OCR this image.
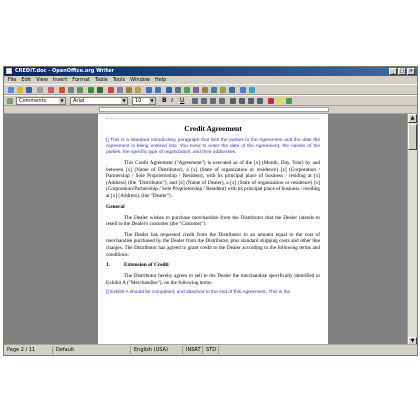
CREDIT.doc - OpenOffice.org Writer	_	□ ×
File Edit View Insert Format Table Tools Window Help
Comments	▼	Arial	▼	10	▼ B I U
Credit Agreement
[] This is a standard introductory paragraph that lists the parties to the Agreement and the date the Agreement is being entered into. You need to enter the date of the Agreement, the names of the parties, the specific type of organization, and their addresses.
This Credit Agreement ("Agreement") is executed as of the [x] (Month, Day, Year) by and between [x] (Name of Distributor), a [x] (State of organization or residence) [x] (Corporation / Partnership / Sole Proprietorship / Resident), with its principal place of business / residing at [x] (Address) (the "Distributor"), and [x] (Name of Dealer), a [x] (State of organization or residence) [x] (Corporation/Partnership / Sole Proprietorship / Resident) with its principal place of business / residing at [x] (Address), (the "Dealer").
General
The Dealer wishes to purchase merchandise from the Distributor that the Dealer intends to resell to the Dealer's customer (the "Customer").
The Dealer has requested credit from the Distributor in an amount equal to the cost of merchandise purchased by the Dealer from the Distributor, plus standard shipping costs and other like charges. The Distributor has agreed to grant credit to the Dealer according to the following terms and conditions:
1.	Extension of Credit
The Distributor hereby agrees to sell to the Dealer the merchandise specifically identified in Exhibit A ("Merchandise"), on the following terms:
[] Exhibit A should be completed, and attached to the end of this Agreement. This is the
▲
▼
Page 2 / 11	Default	English (USA)	INSRT STD
